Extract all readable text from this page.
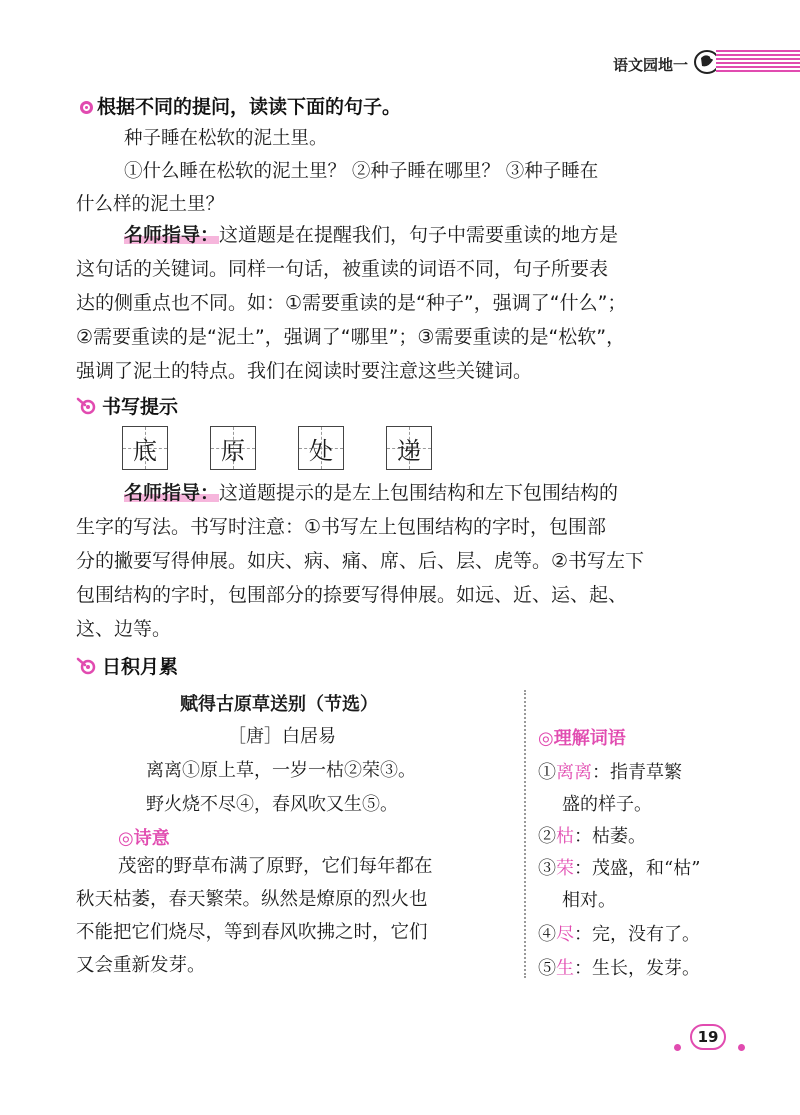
语文园地一
根据不同的提问，读读下面的句子。
种子睡在松软的泥土里。
①什么睡在松软的泥土里？ ②种子睡在哪里？ ③种子睡在
什么样的泥土里？
名师指导：这道题是在提醒我们，句子中需要重读的地方是
这句话的关键词。同样一句话，被重读的词语不同，句子所要表
达的侧重点也不同。如：①需要重读的是“种子”，强调了“什么”；
②需要重读的是“泥土”，强调了“哪里”；③需要重读的是“松软”，
强调了泥土的特点。我们在阅读时要注意这些关键词。
书写提示
底	原	处	递
名师指导：这道题提示的是左上包围结构和左下包围结构的
生字的写法。书写时注意：①书写左上包围结构的字时，包围部
分的撇要写得伸展。如庆、病、痛、席、后、层、虎等。②书写左下
包围结构的字时，包围部分的捺要写得伸展。如远、近、运、起、
这、边等。
日积月累
赋得古原草送别（节选）
［唐］白居易
离离①原上草，一岁一枯②荣③。
野火烧不尽④，春风吹又生⑤。
◎诗意
茂密的野草布满了原野，它们每年都在
秋天枯萎，春天繁荣。纵然是燎原的烈火也
不能把它们烧尽，等到春风吹拂之时，它们
又会重新发芽。
◎理解词语
①离离：指青草繁
盛的样子。
②枯：枯萎。
③荣：茂盛，和“枯”
相对。
④尽：完，没有了。
⑤生：生长，发芽。
19
